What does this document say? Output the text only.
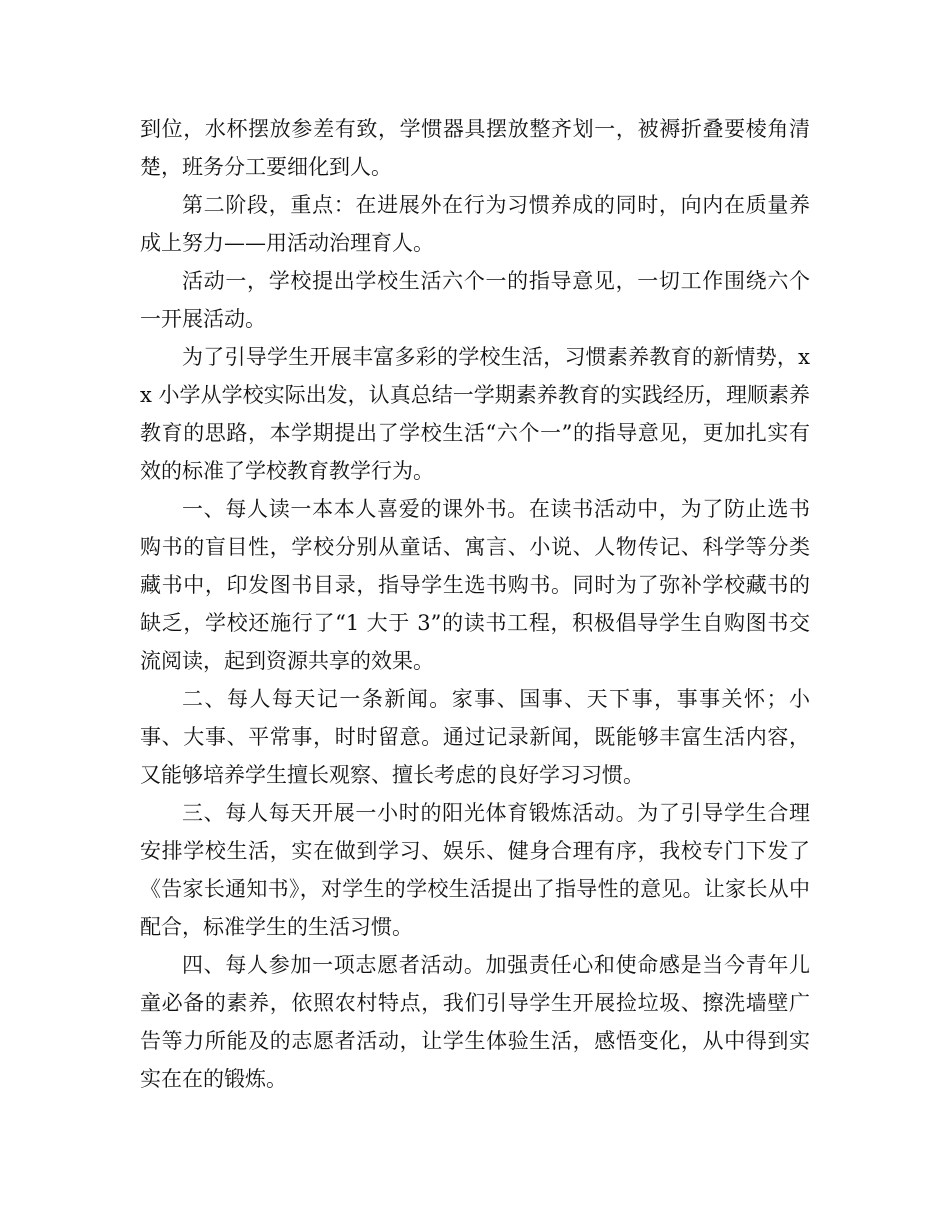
到位，水杯摆放参差有致，学惯器具摆放整齐划一，被褥折叠要棱角清楚，班务分工要细化到人。

第二阶段，重点：在进展外在行为习惯养成的同时，向内在质量养成上努力——用活动治理育人。

活动一，学校提出学校生活六个一的指导意见，一切工作围绕六个一开展活动。

为了引导学生开展丰富多彩的学校生活，习惯素养教育的新情势，xx 小学从学校实际出发，认真总结一学期素养教育的实践经历，理顺素养教育的思路，本学期提出了学校生活“六个一”的指导意见，更加扎实有效的标准了学校教育教学行为。

一、每人读一本本人喜爱的课外书。在读书活动中，为了防止选书购书的盲目性，学校分别从童话、寓言、小说、人物传记、科学等分类藏书中，印发图书目录，指导学生选书购书。同时为了弥补学校藏书的缺乏，学校还施行了“1 大于 3”的读书工程，积极倡导学生自购图书交流阅读，起到资源共享的效果。

二、每人每天记一条新闻。家事、国事、天下事，事事关怀；小事、大事、平常事，时时留意。通过记录新闻，既能够丰富生活内容，又能够培养学生擅长观察、擅长考虑的良好学习习惯。

三、每人每天开展一小时的阳光体育锻炼活动。为了引导学生合理安排学校生活，实在做到学习、娱乐、健身合理有序，我校专门下发了《告家长通知书》，对学生的学校生活提出了指导性的意见。让家长从中配合，标准学生的生活习惯。

四、每人参加一项志愿者活动。加强责任心和使命感是当今青年儿童必备的素养，依照农村特点，我们引导学生开展捡垃圾、擦洗墙壁广告等力所能及的志愿者活动，让学生体验生活，感悟变化，从中得到实实在在的锻炼。
